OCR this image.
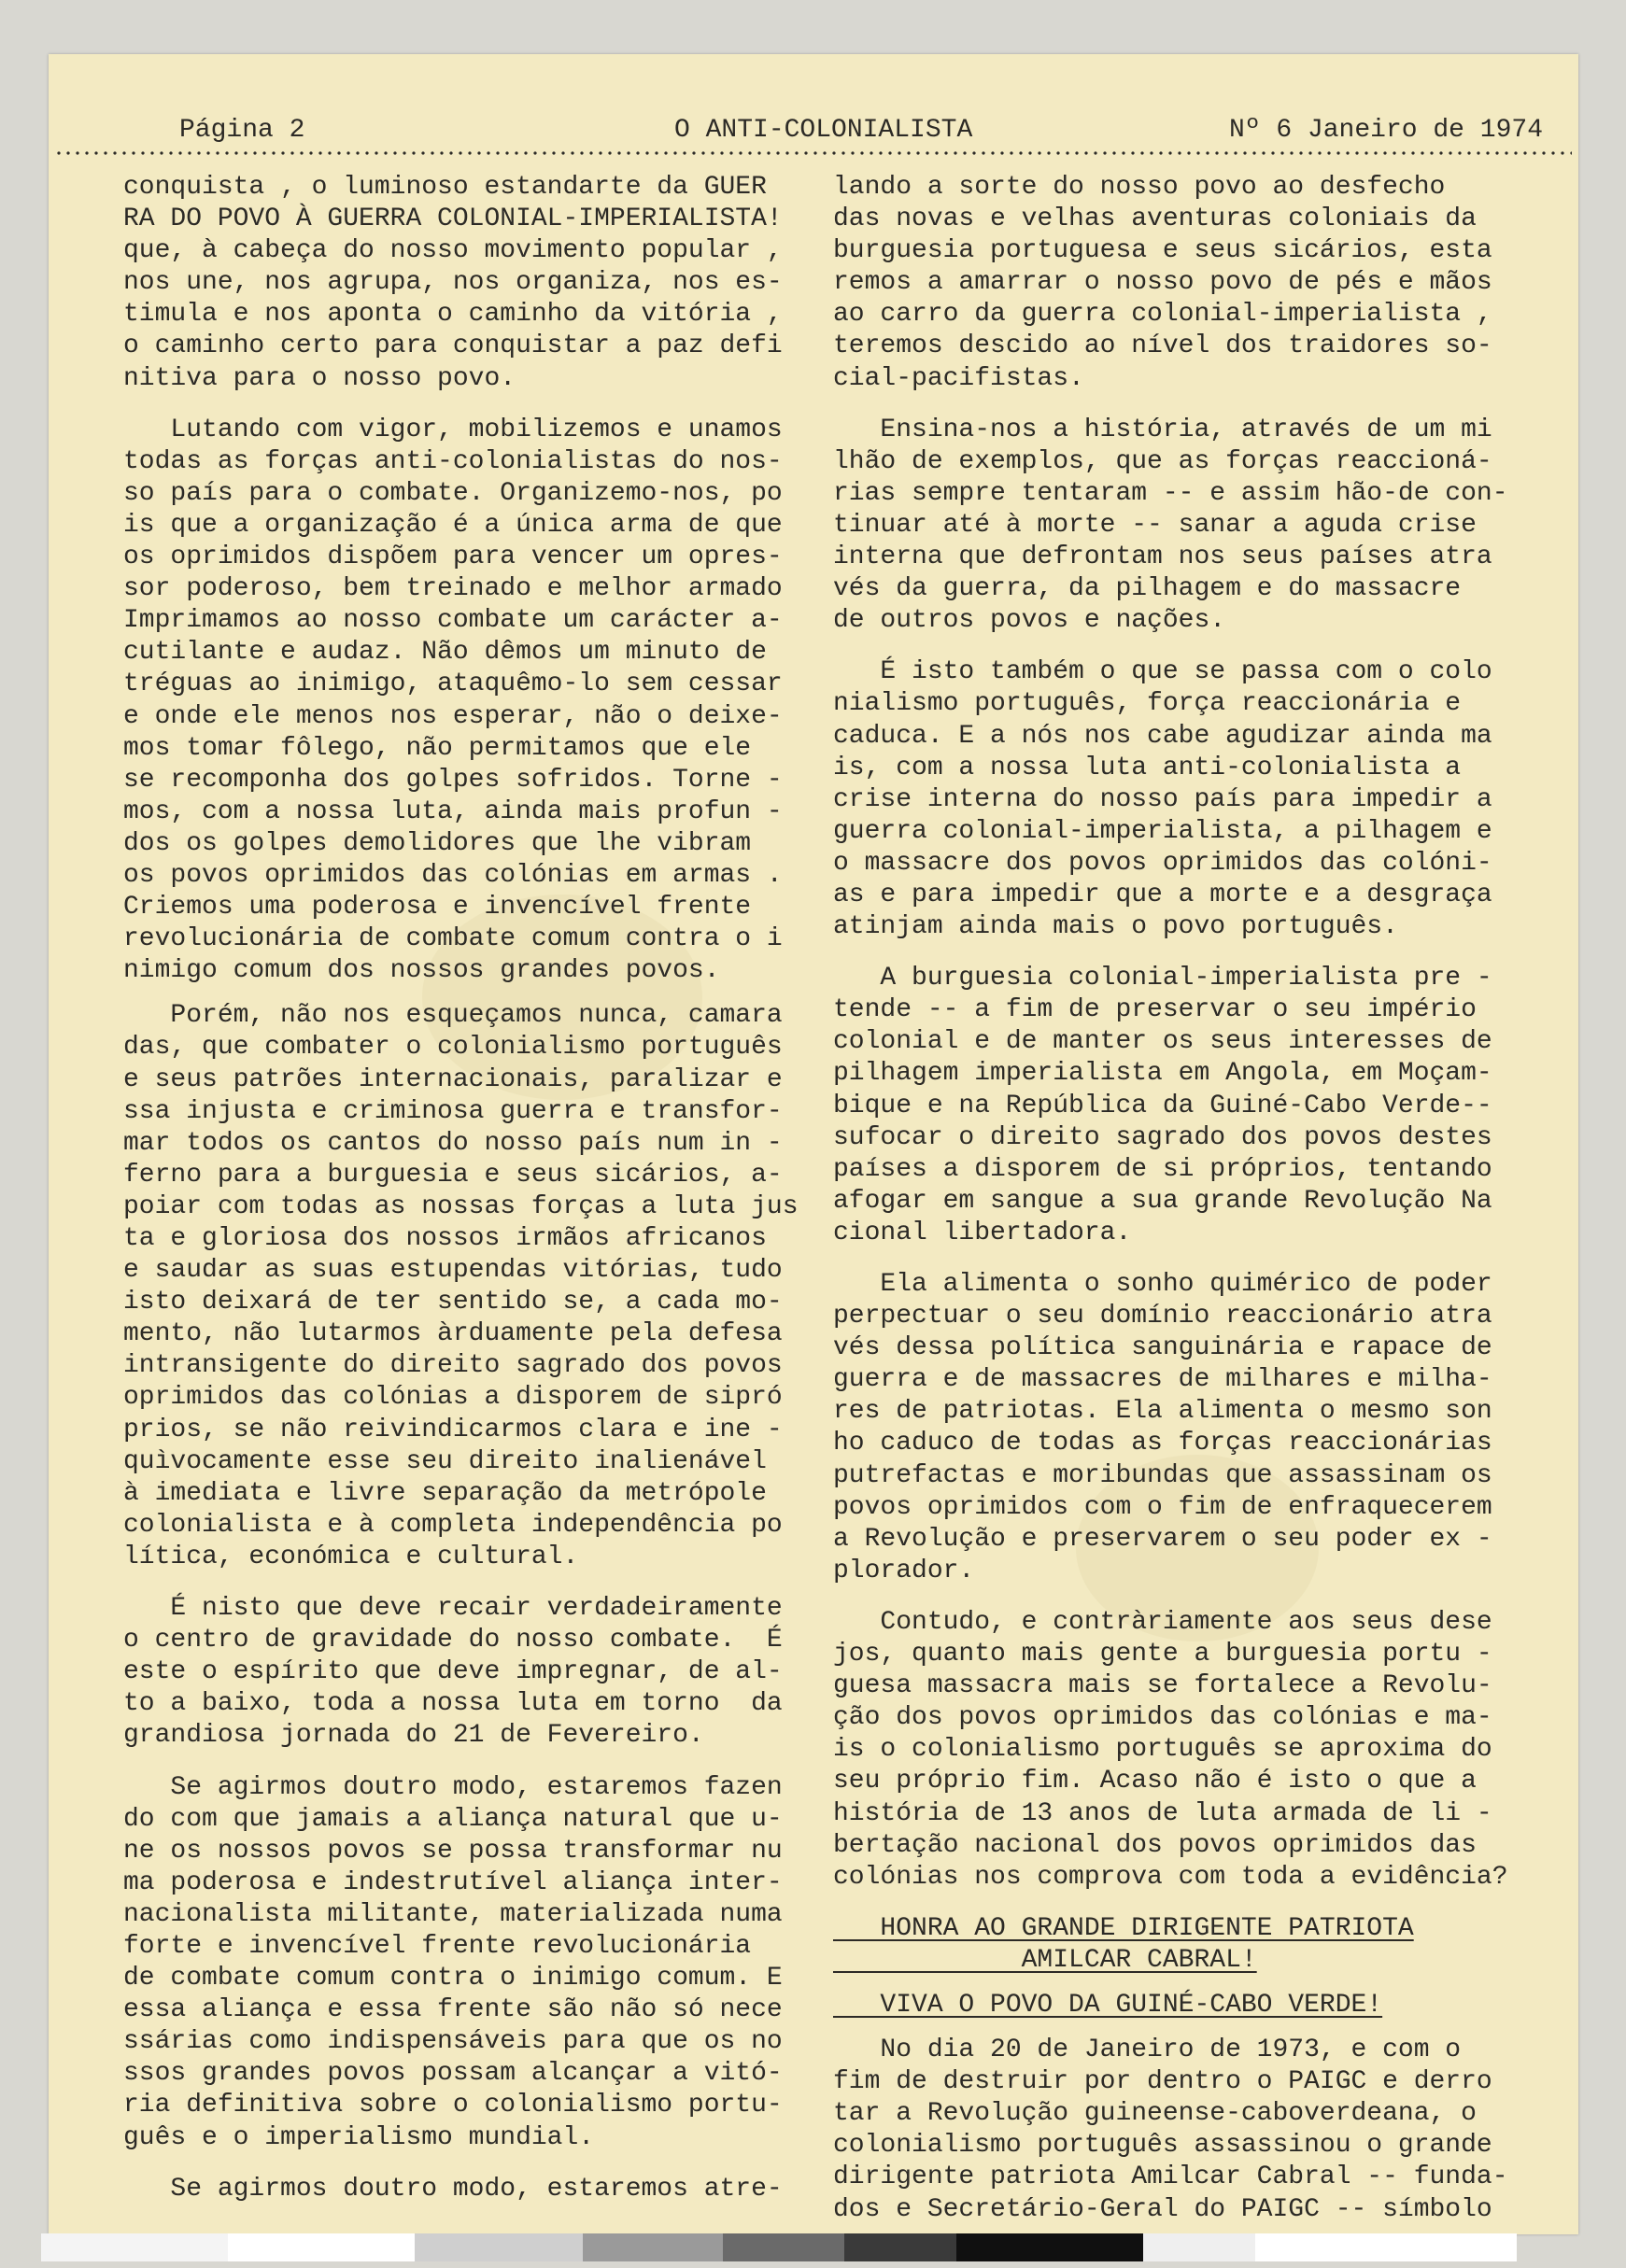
Página 2	O ANTI-COLONIALISTA	Nº 6 Janeiro de 1974
conquista , o luminoso estandarte da GUER
RA DO POVO À GUERRA COLONIAL-IMPERIALISTA!
que, à cabeça do nosso movimento popular ,
nos une, nos agrupa, nos organiza, nos es-
timula e nos aponta o caminho da vitória ,
o caminho certo para conquistar a paz defi
nitiva para o nosso povo.
Lutando com vigor, mobilizemos e unamos
todas as forças anti-colonialistas do nos-
so país para o combate. Organizemo-nos, po
is que a organização é a única arma de que
os oprimidos dispõem para vencer um opres-
sor poderoso, bem treinado e melhor armado
Imprimamos ao nosso combate um carácter a-
cutilante e audaz. Não dêmos um minuto de
tréguas ao inimigo, ataquêmo-lo sem cessar
e onde ele menos nos esperar, não o deixe-
mos tomar fôlego, não permitamos que ele
se recomponha dos golpes sofridos. Torne -
mos, com a nossa luta, ainda mais profun -
dos os golpes demolidores que lhe vibram
os povos oprimidos das colónias em armas .
Criemos uma poderosa e invencível frente
revolucionária de combate comum contra o i
nimigo comum dos nossos grandes povos.
Porém, não nos esqueçamos nunca, camara
das, que combater o colonialismo português
e seus patrões internacionais, paralizar e
ssa injusta e criminosa guerra e transfor-
mar todos os cantos do nosso país num in -
ferno para a burguesia e seus sicários, a-
poiar com todas as nossas forças a luta jus
ta e gloriosa dos nossos irmãos africanos
e saudar as suas estupendas vitórias, tudo
isto deixará de ter sentido se, a cada mo-
mento, não lutarmos àrduamente pela defesa
intransigente do direito sagrado dos povos
oprimidos das colónias a disporem de sipró
prios, se não reivindicarmos clara e ine -
quìvocamente esse seu direito inalienável
à imediata e livre separação da metrópole
colonialista e à completa independência po
lítica, económica e cultural.
É nisto que deve recair verdadeiramente
o centro de gravidade do nosso combate.  É
este o espírito que deve impregnar, de al-
to a baixo, toda a nossa luta em torno  da
grandiosa jornada do 21 de Fevereiro.
Se agirmos doutro modo, estaremos fazen
do com que jamais a aliança natural que u-
ne os nossos povos se possa transformar nu
ma poderosa e indestrutível aliança inter-
nacionalista militante, materializada numa
forte e invencível frente revolucionária
de combate comum contra o inimigo comum. E
essa aliança e essa frente são não só nece
ssárias como indispensáveis para que os no
ssos grandes povos possam alcançar a vitó-
ria definitiva sobre o colonialismo portu-
guês e o imperialismo mundial.
Se agirmos doutro modo, estaremos atre-
lando a sorte do nosso povo ao desfecho
das novas e velhas aventuras coloniais da
burguesia portuguesa e seus sicários, esta
remos a amarrar o nosso povo de pés e mãos
ao carro da guerra colonial-imperialista ,
teremos descido ao nível dos traidores so-
cial-pacifistas.
Ensina-nos a história, através de um mi
lhão de exemplos, que as forças reaccioná-
rias sempre tentaram -- e assim hão-de con-
tinuar até à morte -- sanar a aguda crise
interna que defrontam nos seus países atra
vés da guerra, da pilhagem e do massacre
de outros povos e nações.
É isto também o que se passa com o colo
nialismo português, força reaccionária e
caduca. E a nós nos cabe agudizar ainda ma
is, com a nossa luta anti-colonialista a
crise interna do nosso país para impedir a
guerra colonial-imperialista, a pilhagem e
o massacre dos povos oprimidos das colóni-
as e para impedir que a morte e a desgraça
atinjam ainda mais o povo português.
A burguesia colonial-imperialista pre -
tende -- a fim de preservar o seu império
colonial e de manter os seus interesses de
pilhagem imperialista em Angola, em Moçam-
bique e na República da Guiné-Cabo Verde--
sufocar o direito sagrado dos povos destes
países a disporem de si próprios, tentando
afogar em sangue a sua grande Revolução Na
cional libertadora.
Ela alimenta o sonho quimérico de poder
perpectuar o seu domínio reaccionário atra
vés dessa política sanguinária e rapace de
guerra e de massacres de milhares e milha-
res de patriotas. Ela alimenta o mesmo son
ho caduco de todas as forças reaccionárias
putrefactas e moribundas que assassinam os
povos oprimidos com o fim de enfraquecerem
a Revolução e preservarem o seu poder ex -
plorador.
Contudo, e contràriamente aos seus dese
jos, quanto mais gente a burguesia portu -
guesa massacra mais se fortalece a Revolu-
ção dos povos oprimidos das colónias e ma-
is o colonialismo português se aproxima do
seu próprio fim. Acaso não é isto o que a
história de 13 anos de luta armada de li -
bertação nacional dos povos oprimidos das
colónias nos comprova com toda a evidência?
HONRA AO GRANDE DIRIGENTE PATRIOTA
AMILCAR CABRAL!
VIVA O POVO DA GUINÉ-CABO VERDE!
No dia 20 de Janeiro de 1973, e com o
fim de destruir por dentro o PAIGC e derro
tar a Revolução guineense-caboverdeana, o
colonialismo português assassinou o grande
dirigente patriota Amilcar Cabral -- funda-
dos e Secretário-Geral do PAIGC -- símbolo
